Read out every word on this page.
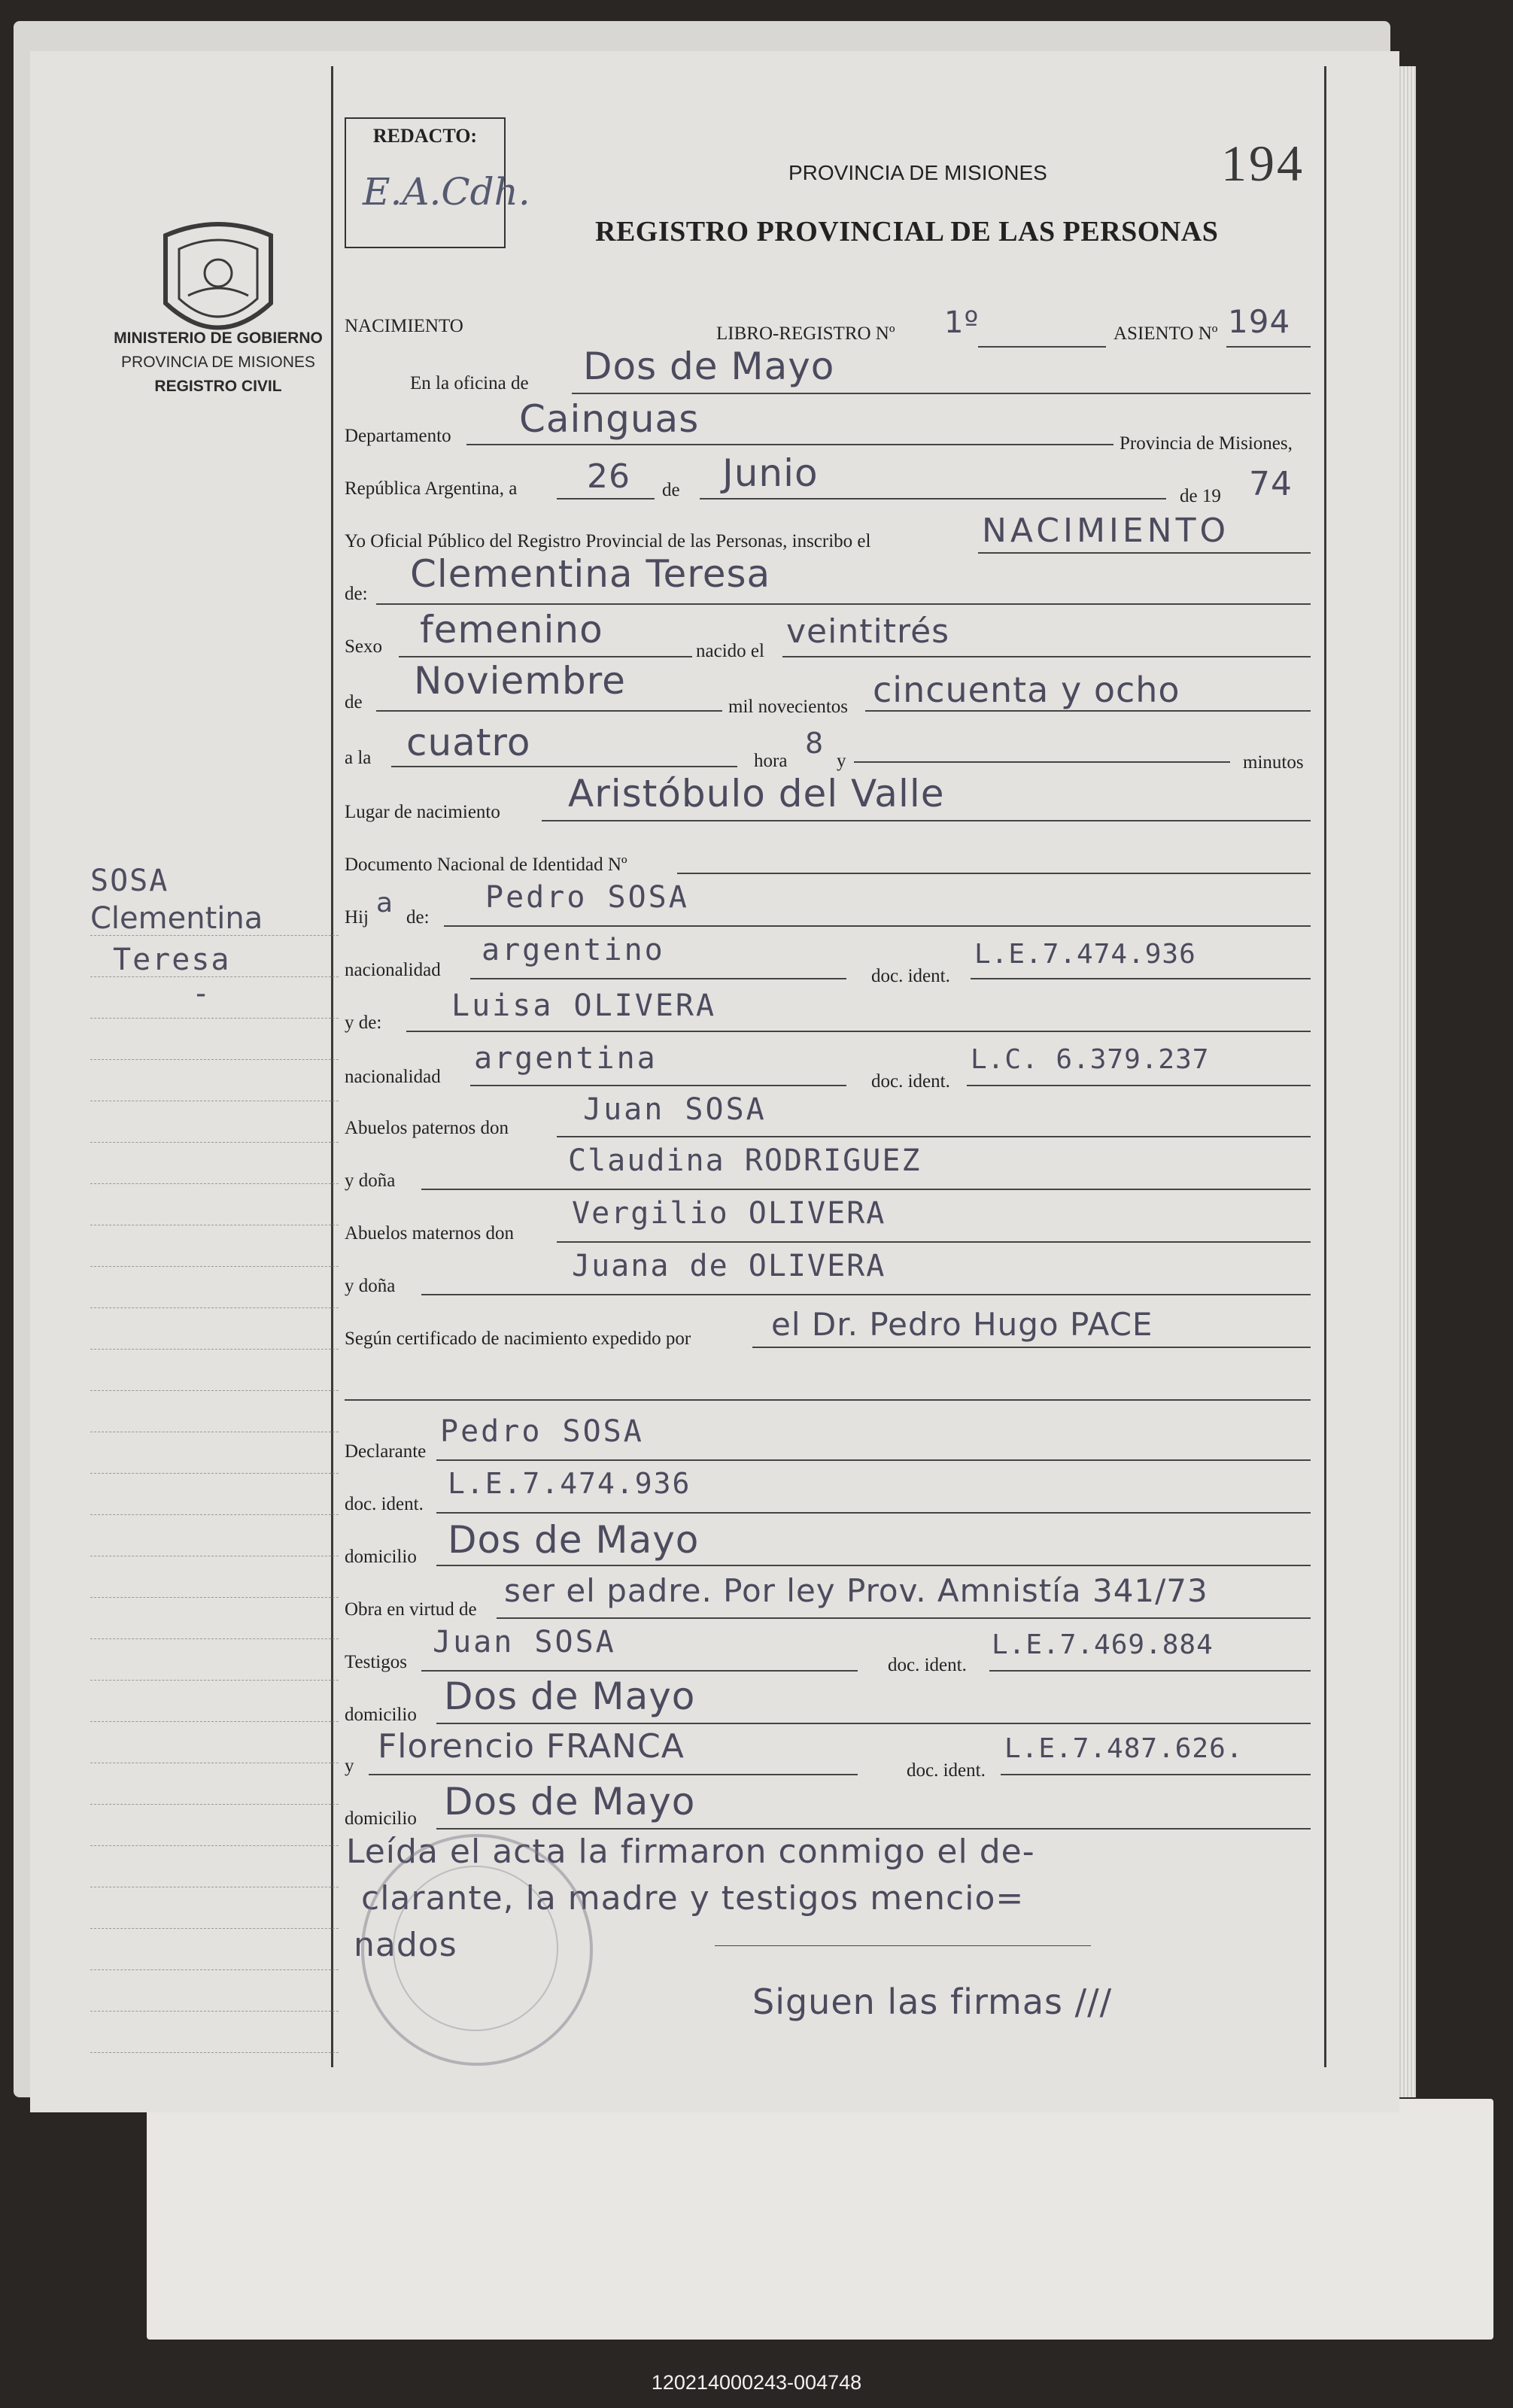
MINISTERIO DE GOBIERNO
PROVINCIA DE MISIONES
REGISTRO CIVIL
SOSA
Clementina
Teresa
-
REDACTO:
E.A.Cdh.	PROVINCIA DE MISIONES	194
REGISTRO PROVINCIAL DE LAS PERSONAS
NACIMIENTO	LIBRO-REGISTRO Nº 1º	ASIENTO Nº 194
En la oficina de Dos de Mayo
Departamento Cainguas
Provincia de Misiones,
República Argentina, a 26 de Junio
de 19 74
Yo Oficial Público del Registro Provincial de las Personas, inscribo el	NACIMIENTO
de: Clementina Teresa
Sexo femenino	nacido el
veintitrés
de Noviembre
mil novecientos cincuenta y ocho
a la cuatro	hora
8
y	minutos
Lugar de nacimiento Aristóbulo del Valle
Documento Nacional de Identidad Nº
Hij a de:
Pedro SOSA
nacionalidad
argentino
doc. ident.
L.E.7.474.936
y de: Luisa OLIVERA
nacionalidad
argentina
doc. ident.
L.C. 6.379.237
Abuelos paternos don
Juan SOSA
y doña
Claudina RODRIGUEZ
Abuelos maternos don
Vergilio OLIVERA
y doña
Juana de OLIVERA
Según certificado de nacimiento expedido por	el Dr. Pedro Hugo PACE
Declarante
Pedro SOSA
doc. ident.
L.E.7.474.936
domicilio Dos de Mayo
Obra en virtud de
ser el padre. Por ley Prov. Amnistía 341/73
Testigos
Juan SOSA
doc. ident.
L.E.7.469.884
domicilio Dos de Mayo
y
Florencio FRANCA
doc. ident.
L.E.7.487.626.
domicilio Dos de Mayo
Leída el acta la firmaron conmigo el de-
clarante, la madre y testigos mencio=
nados
Siguen las firmas ///
120214000243-004748
